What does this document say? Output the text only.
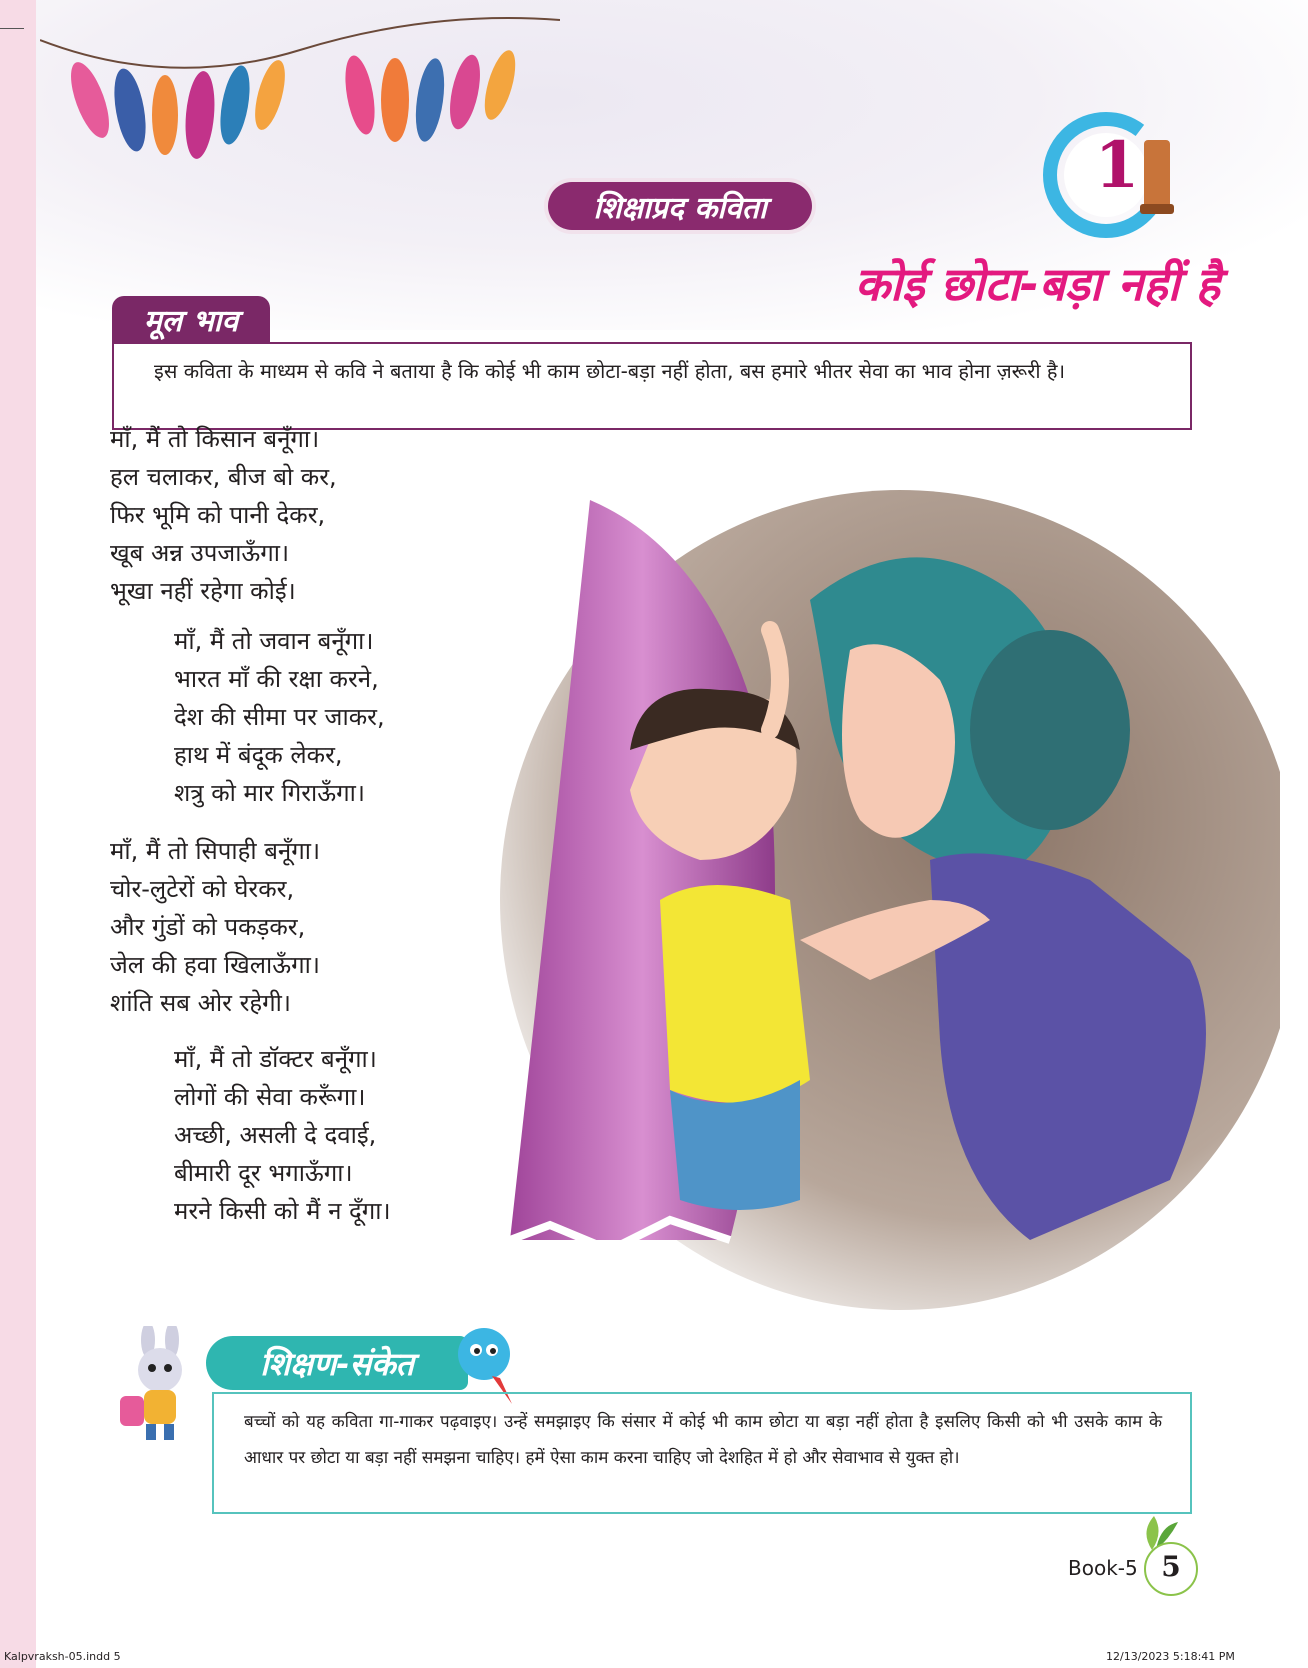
शिक्षाप्रद कविता
1
कोई छोटा-बड़ा नहीं है
मूल भाव
इस कविता के माध्यम से कवि ने बताया है कि कोई भी काम छोटा-बड़ा नहीं होता, बस हमारे भीतर सेवा का भाव होना ज़रूरी है।
माँ, मैं तो किसान बनूँगा।
हल चलाकर, बीज बो कर,
फिर भूमि को पानी देकर,
खूब अन्न उपजाऊँगा।
भूखा नहीं रहेगा कोई।
माँ, मैं तो जवान बनूँगा।
भारत माँ की रक्षा करने,
देश की सीमा पर जाकर,
हाथ में बंदूक लेकर,
शत्रु को मार गिराऊँगा।
माँ, मैं तो सिपाही बनूँगा।
चोर-लुटेरों को घेरकर,
और गुंडों को पकड़कर,
जेल की हवा खिलाऊँगा।
शांति सब ओर रहेगी।
माँ, मैं तो डॉक्टर बनूँगा।
लोगों की सेवा करूँगा।
अच्छी, असली दे दवाई,
बीमारी दूर भगाऊँगा।
मरने किसी को मैं न दूँगा।
शिक्षण-संकेत
बच्चों को यह कविता गा-गाकर पढ़वाइए। उन्हें समझाइए कि संसार में कोई भी काम छोटा या बड़ा नहीं होता है इसलिए किसी को भी उसके काम के आधार पर छोटा या बड़ा नहीं समझना चाहिए। हमें ऐसा काम करना चाहिए जो देशहित में हो और सेवाभाव से युक्त हो।
Book-5 5
Kalpvraksh-05.indd 5	12/13/2023 5:18:41 PM
